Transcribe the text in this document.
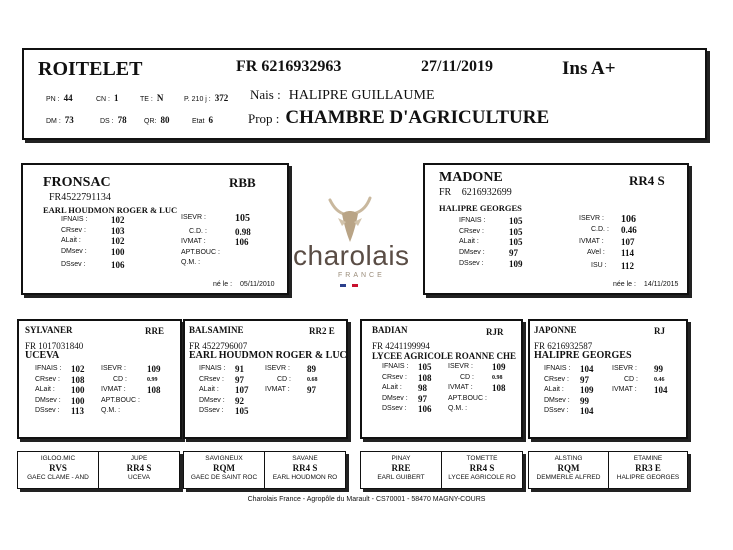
ROITELET	FR 6216932963	27/11/2019	Ins A+
PN : 44	CN : 1	TE : N	P. 210 j : 372 Nais : HALIPRE GUILLAUME
DM : 73	DS : 78 QR: 80	Etat 6	Prop : CHAMBRE D'AGRICULTURE
FRONSAC	RBB
FR4522791134
EARL HOUDMON ROGER & LUC
IFNAIS :	102
CRsev :	103
ALait :	102
DMsev :	100
DSsev :	106
ISEVR :	105
C.D. :	0.98
IVMAT :	106
APT.BOUC :
Q.M. :
né le : 05/11/2010
charolais
FRANCE
MADONE	RR4 S
FR 6216932699
HALIPRE GEORGES
IFNAIS :	105
CRsev :	105
ALait :	105
DMsev :	97
DSsev :	109
ISEVR : 106
C.D. : 0.46
IVMAT : 107
AVel : 114
ISU : 112
née le : 14/11/2015
SYLVANER	RRE
FR 1017031840
UCEVA
IFNAIS : 102
CRsev : 108
ALait : 100
DMsev : 100
DSsev : 113
ISEVR : 109
CD :	0.99
IVMAT : 108
APT.BOUC :
Q.M. :
BALSAMINE	RR2 E
FR 4522796007
EARL HOUDMON ROGER & LUC
IFNAIS : 91
CRsev : 97
ALait : 107
DMsev : 92
DSsev : 105
ISEVR : 89
CD :	0.68
IVMAT : 97
BADIAN	RJR
FR 4241199994
LYCEE AGRICOLE ROANNE CHE
IFNAIS : 105
CRsev : 108
ALait : 98
DMsev : 97
DSsev : 106
ISEVR : 109
CD :	0.98
IVMAT : 108
APT.BOUC :
Q.M. :
JAPONNE	RJ
FR 6216932587
HALIPRE GEORGES
IFNAIS : 104
CRsev : 97
ALait : 109
DMsev : 99
DSsev : 104
ISEVR : 99
CD :	0.46
IVMAT : 104
IGLOO.MIC
RVS
GAEC CLAME - AND
JUPE
RR4 S
UCEVA
SAVIGNEUX
RQM
GAEC DE SAINT ROC
SAVANE
RR4 S
EARL HOUDMON RO
PINAY
RRE
EARL GUIBERT
TOMETTE
RR4 S
LYCEE AGRICOLE RO
ALSTING
RQM
DEMMERLE ALFRED
ETAMINE
RR3 E
HALIPRE GEORGES
Charolais France - Agropôle du Marault - CS70001 - 58470 MAGNY-COURS
